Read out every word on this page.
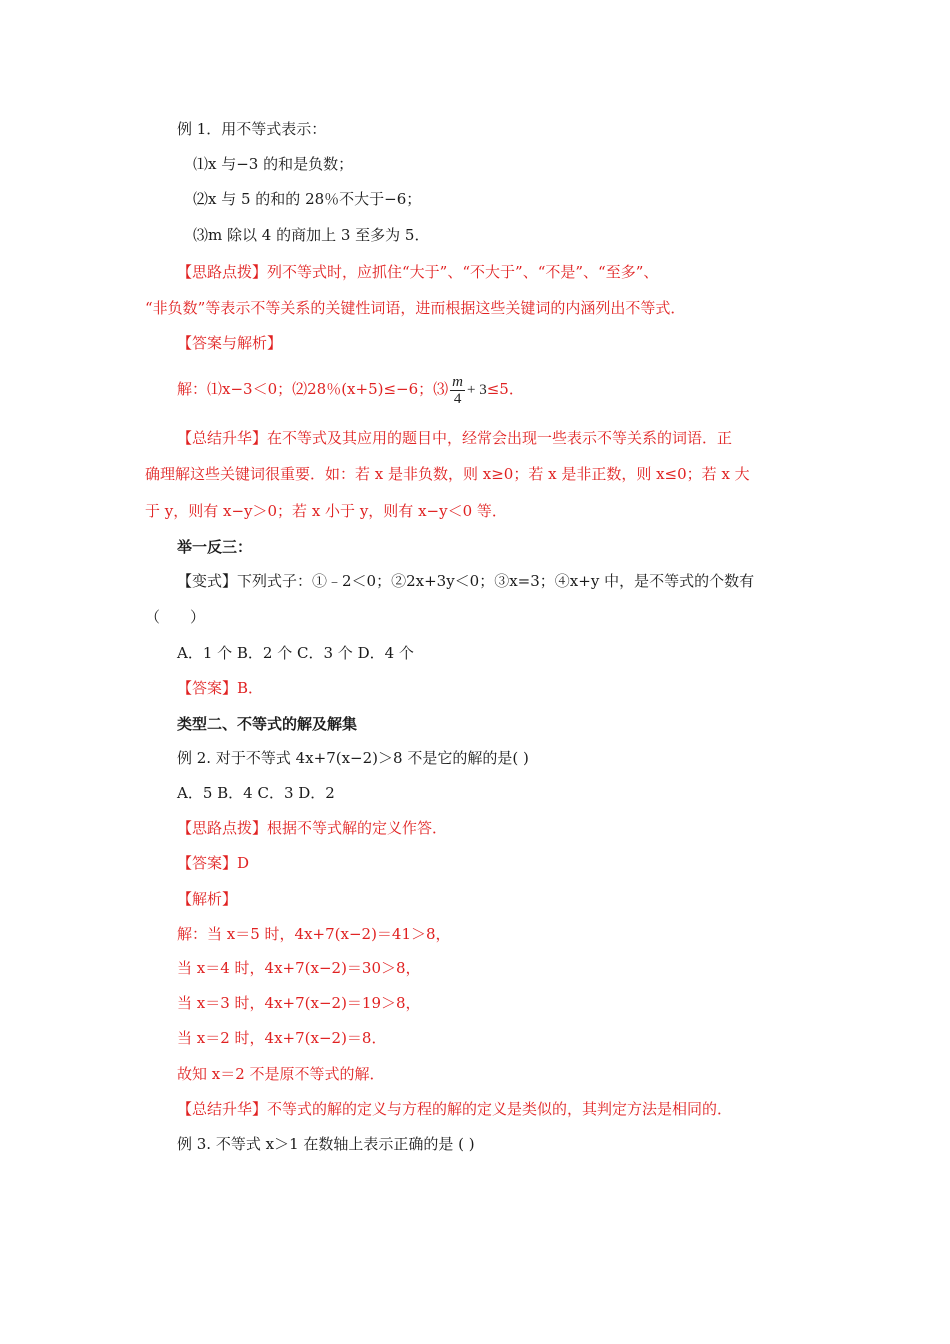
例 1．用不等式表示：
⑴x 与−3 的和是负数；
⑵x 与 5 的和的 28％不大于−6；
⑶m 除以 4 的商加上 3 至多为 5．
【思路点拨】列不等式时，应抓住“大于”、“不大于”、“不是”、“至多”、
“非负数”等表示不等关系的关键性词语，进而根据这些关键词的内涵列出不等式．
【答案与解析】
解：⑴x−3＜0；⑵28％(x+5)≤−6；⑶ $\frac{m}{4} + 3\le 5$．
【总结升华】在不等式及其应用的题目中，经常会出现一些表示不等关系的词语．正
确理解这些关键词很重要．如：若 x 是非负数，则 x≥0；若 x 是非正数，则 x≤0；若 x 大
于 y，则有 x−y＞0；若 x 小于 y，则有 x−y＜0 等．
举一反三：
【变式】下列式子：①﹣2＜0；②2x+3y＜0；③x=3；④x+y 中，是不等式的个数有
（　　）
A．1 个 B．2 个 C．3 个 D．4 个
【答案】B．
类型二、不等式的解及解集
例 2. 对于不等式 4x+7(x−2)＞8 不是它的解的是( )
A．5 B．4 C．3 D．2
【思路点拨】根据不等式解的定义作答．
【答案】D
【解析】
解：当 x＝5 时，4x+7(x−2)＝41＞8，
当 x＝4 时，4x+7(x−2)＝30＞8，
当 x＝3 时，4x+7(x−2)＝19＞8，
当 x＝2 时，4x+7(x−2)＝8．
故知 x＝2 不是原不等式的解．
【总结升华】不等式的解的定义与方程的解的定义是类似的，其判定方法是相同的．
例 3. 不等式 x＞1 在数轴上表示正确的是 ( )
